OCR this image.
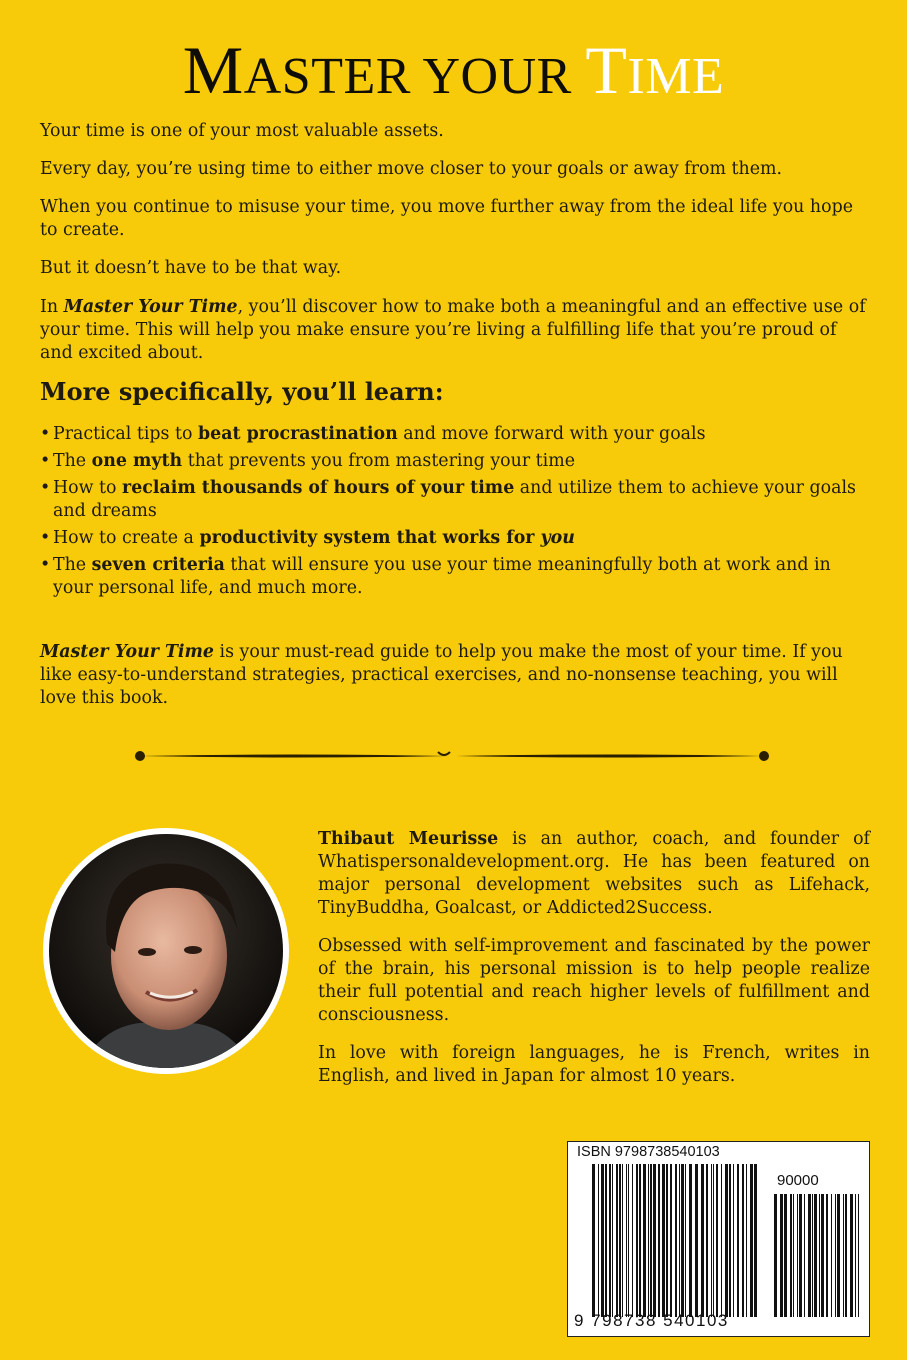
MASTER YOUR TIME

Your time is one of your most valuable assets.

Every day, you’re using time to either move closer to your goals or away from them.

When you continue to misuse your time, you move further away from the ideal life you hope to create.

But it doesn’t have to be that way.

In Master Your Time, you’ll discover how to make both a meaningful and an effective use of your time. This will help you make ensure you’re living a fulfilling life that you’re proud of and excited about.

More specifically, you’ll learn:
• Practical tips to beat procrastination and move forward with your goals
• The one myth that prevents you from mastering your time
• How to reclaim thousands of hours of your time and utilize them to achieve your goals and dreams
• How to create a productivity system that works for you
• The seven criteria that will ensure you use your time meaningfully both at work and in your personal life, and much more.

Master Your Time is your must-read guide to help you make the most of your time. If you like easy-to-understand strategies, practical exercises, and no-nonsense teaching, you will love this book.

Thibaut Meurisse is an author, coach, and founder of Whatispersonaldevelopment.org. He has been featured on major personal development websites such as Lifehack, TinyBuddha, Goalcast, or Addicted2Success.

Obsessed with self-improvement and fascinated by the power of the brain, his personal mission is to help people realize their full potential and reach higher levels of fulfillment and consciousness.

In love with foreign languages, he is French, writes in English, and lived in Japan for almost 10 years.

ISBN 9798738540103
90000
9 798738 540103
